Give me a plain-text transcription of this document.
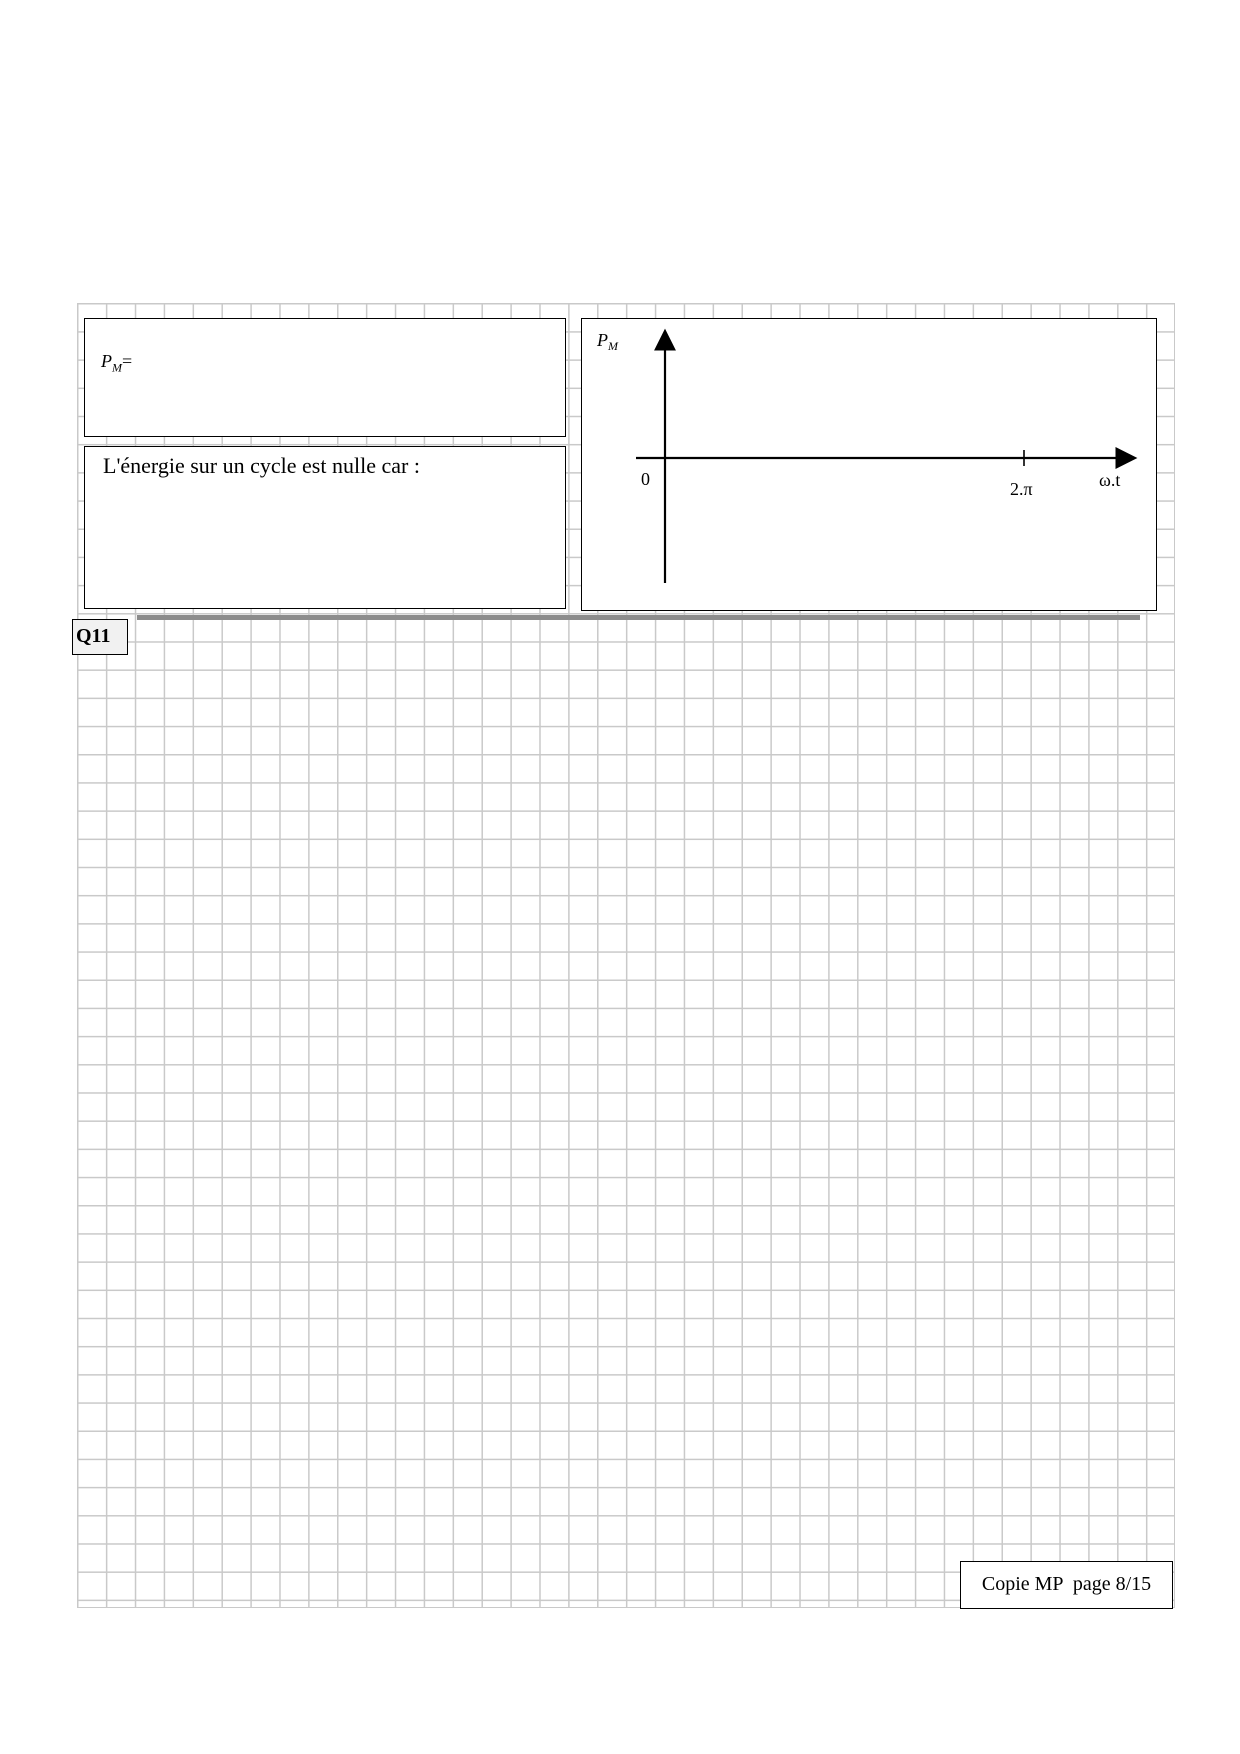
$P_M=$
L'énergie sur un cycle est nulle car :
$P_M$
0	2.π	ω.t
Q11
Copie MP  page 8/15
